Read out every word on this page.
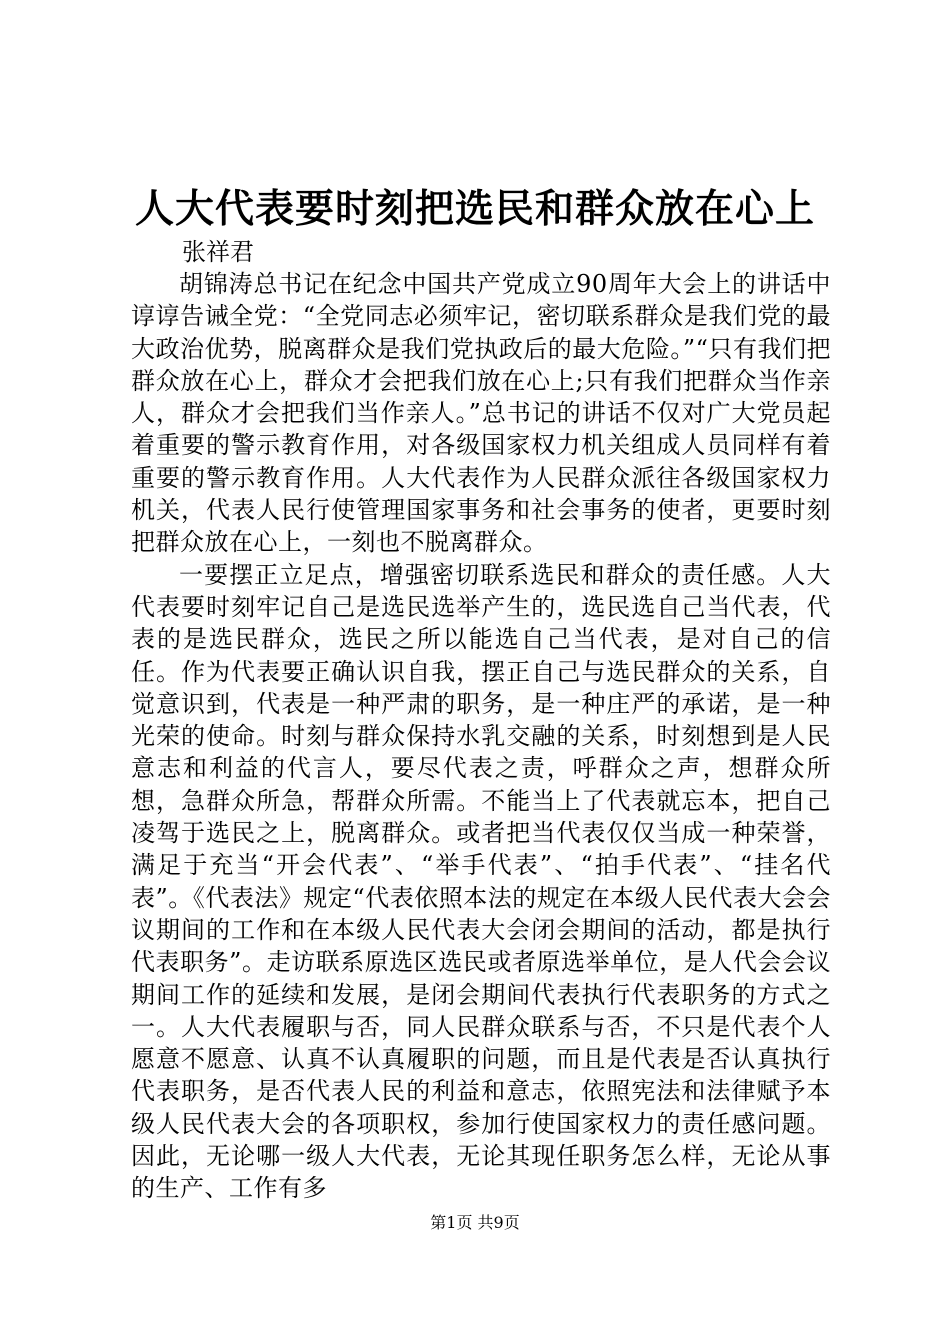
人大代表要时刻把选民和群众放在心上

张祥君

胡锦涛总书记在纪念中国共产党成立90周年大会上的讲话中谆谆告诫全党：“全党同志必须牢记，密切联系群众是我们党的最大政治优势，脱离群众是我们党执政后的最大危险。”“只有我们把群众放在心上，群众才会把我们放在心上;只有我们把群众当作亲人，群众才会把我们当作亲人。”总书记的讲话不仅对广大党员起着重要的警示教育作用，对各级国家权力机关组成人员同样有着重要的警示教育作用。人大代表作为人民群众派往各级国家权力机关，代表人民行使管理国家事务和社会事务的使者，更要时刻把群众放在心上，一刻也不脱离群众。

一要摆正立足点，增强密切联系选民和群众的责任感。人大代表要时刻牢记自己是选民选举产生的，选民选自己当代表，代表的是选民群众，选民之所以能选自己当代表，是对自己的信任。作为代表要正确认识自我，摆正自己与选民群众的关系，自觉意识到，代表是一种严肃的职务，是一种庄严的承诺，是一种光荣的使命。时刻与群众保持水乳交融的关系，时刻想到是人民意志和利益的代言人，要尽代表之责，呼群众之声，想群众所想，急群众所急，帮群众所需。不能当上了代表就忘本，把自己凌驾于选民之上，脱离群众。或者把当代表仅仅当成一种荣誉，满足于充当“开会代表”、“举手代表”、“拍手代表”、“挂名代表”。《代表法》规定“代表依照本法的规定在本级人民代表大会会议期间的工作和在本级人民代表大会闭会期间的活动，都是执行代表职务”。走访联系原选区选民或者原选举单位，是人代会会议期间工作的延续和发展，是闭会期间代表执行代表职务的方式之一。人大代表履职与否，同人民群众联系与否，不只是代表个人愿意不愿意、认真不认真履职的问题，而且是代表是否认真执行代表职务，是否代表人民的利益和意志，依照宪法和法律赋予本级人民代表大会的各项职权，参加行使国家权力的责任感问题。因此，无论哪一级人大代表，无论其现任职务怎么样，无论从事的生产、工作有多

第1页 共9页
